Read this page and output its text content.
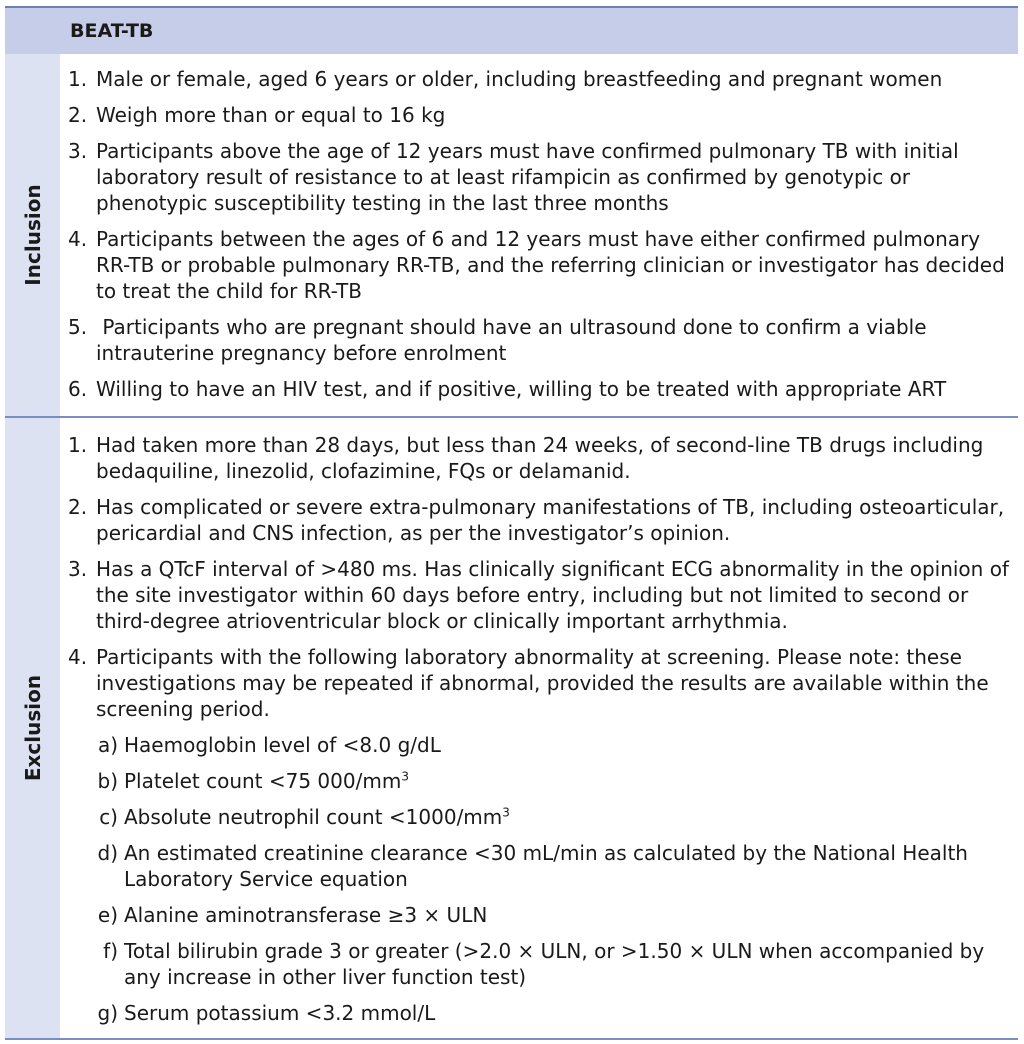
BEAT-TB
Inclusion
1. Male or female, aged 6 years or older, including breastfeeding and pregnant women
2. Weigh more than or equal to 16 kg
3. Participants above the age of 12 years must have confirmed pulmonary TB with initial laboratory result of resistance to at least rifampicin as confirmed by genotypic or phenotypic susceptibility testing in the last three months
4. Participants between the ages of 6 and 12 years must have either confirmed pulmonary RR-TB or probable pulmonary RR-TB, and the referring clinician or investigator has decided to treat the child for RR-TB
5. Participants who are pregnant should have an ultrasound done to confirm a viable intrauterine pregnancy before enrolment
6. Willing to have an HIV test, and if positive, willing to be treated with appropriate ART
Exclusion
1. Had taken more than 28 days, but less than 24 weeks, of second-line TB drugs including bedaquiline, linezolid, clofazimine, FQs or delamanid.
2. Has complicated or severe extra-pulmonary manifestations of TB, including osteoarticular, pericardial and CNS infection, as per the investigator’s opinion.
3. Has a QTcF interval of >480 ms. Has clinically significant ECG abnormality in the opinion of the site investigator within 60 days before entry, including but not limited to second or third-degree atrioventricular block or clinically important arrhythmia.
4. Participants with the following laboratory abnormality at screening. Please note: these investigations may be repeated if abnormal, provided the results are available within the screening period.
a) Haemoglobin level of <8.0 g/dL
b) Platelet count <75 $000/mm^3$
c) Absolute neutrophil count $<1000/mm^3$
d) An estimated creatinine clearance <30 mL/min as calculated by the National Health Laboratory Service equation
e) Alanine aminotransferase ≥3 × ULN
f) Total bilirubin grade 3 or greater (>2.0 × ULN, or >1.50 × ULN when accompanied by any increase in other liver function test)
g) Serum potassium <3.2 mmol/L
